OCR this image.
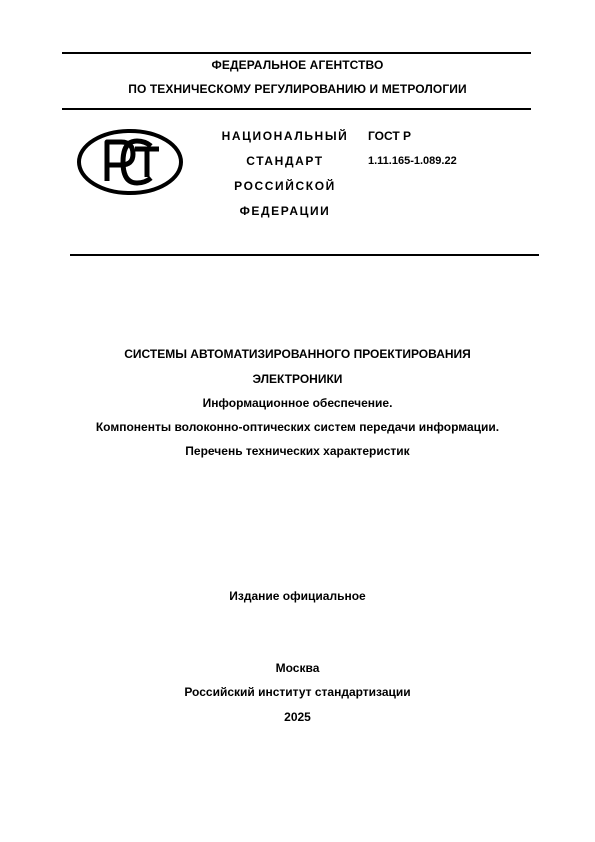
ФЕДЕРАЛЬНОЕ АГЕНТСТВО
ПО ТЕХНИЧЕСКОМУ РЕГУЛИРОВАНИЮ И МЕТРОЛОГИИ
НАЦИОНАЛЬНЫЙ
СТАНДАРТ
РОССИЙСКОЙ
ФЕДЕРАЦИИ
ГОСТ Р
1.11.165-1.089.22
СИСТЕМЫ АВТОМАТИЗИРОВАННОГО ПРОЕКТИРОВАНИЯ
ЭЛЕКТРОНИКИ
Информационное обеспечение.
Компоненты волоконно-оптических систем передачи информации.
Перечень технических характеристик
Издание официальное
Москва
Российский институт стандартизации
2025
